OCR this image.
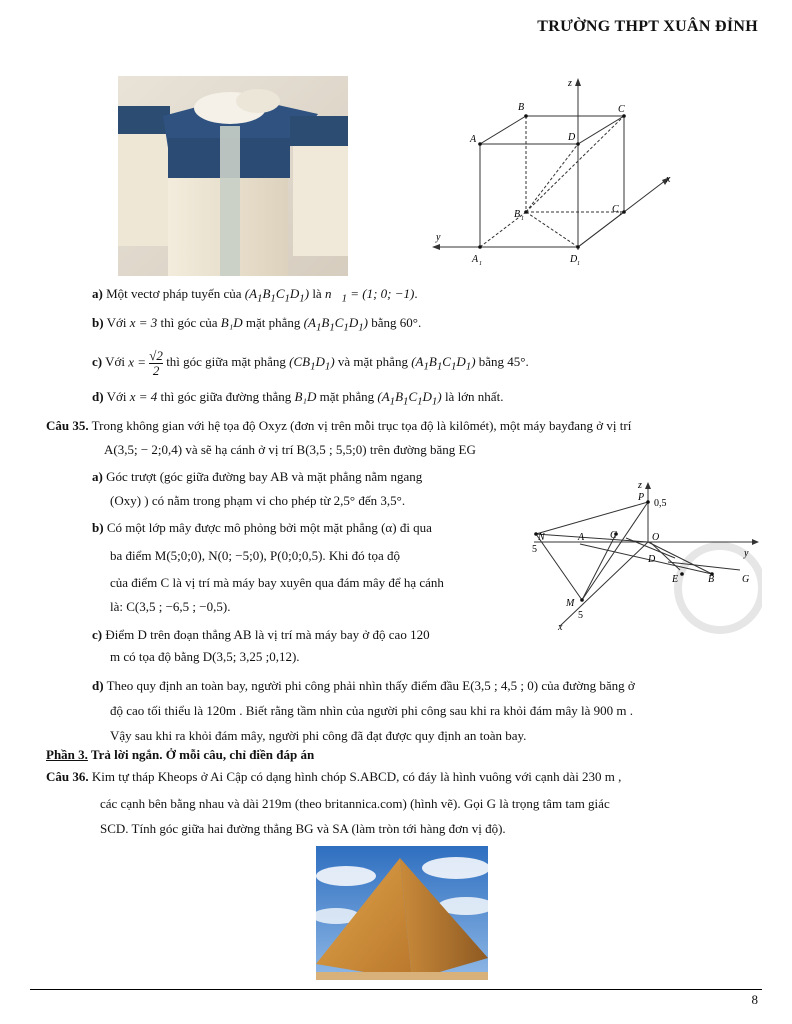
TRƯỜNG THPT XUÂN ĐỈNH
z
y
x
B	C
A	D
B 1
C 1
A 1	D 1
a) Một vectơ pháp tuyến của $(A_1B_1C_1D_1)$ là $n⃗_1 = (1$; 0; −1).
b) Với x = 3 thì góc của B₁D mặt phẳng $(A_1B_1C_1D_1)$ bằng 60°.
c) Với $x = \frac{√2}{2}$ thì góc giữa mặt phẳng $(CB_1D_1)$ và mặt phẳng $(A_1B_1C_1D_1)$ bằng 45°.
d) Với x = 4 thì góc giữa đường thẳng B₁D mặt phẳng $(A_1B_1C_1D_1)$ là lớn nhất.
Câu 35. Trong không gian với hệ tọa độ Oxyz (đơn vị trên mỗi trục tọa độ là kilômét), một máy bayđang ở vị trí
A(3,5; − 2;0,4) và sẽ hạ cánh ở vị trí B(3,5 ; 5,5;0) trên đường băng EG
a) Góc trượt (góc giữa đường bay AB và mặt phẳng nằm ngang
(Oxy) ) có nằm trong phạm vi cho phép từ 2,5° đến 3,5°.
b) Có một lớp mây được mô phỏng bởi một mặt phẳng (α) đi qua
ba điểm M(5;0;0), N(0; −5;0), P(0;0;0,5). Khi đó tọa độ
của điểm C là vị trí mà máy bay xuyên qua đám mây để hạ cánh
là: C(3,5 ; −6,5 ; −0,5).
c) Điểm D trên đoạn thẳng AB là vị trí mà máy bay ở độ cao 120
m có tọa độ bằng D(3,5; 3,25 ;0,12).
d) Theo quy định an toàn bay, người phi công phải nhìn thấy điểm đầu E(3,5 ; 4,5 ; 0) của đường băng ở
độ cao tối thiểu là 120m . Biết rằng tầm nhìn của người phi công sau khi ra khỏi đám mây là 900 m .
Vậy sau khi ra khỏi đám mây, người phi công đã đạt được quy định an toàn bay.
z
y
x
P
0,5
N
5
A	C	O
D
E	B	G
M
5
Phần 3. Trả lời ngắn. Ở mỗi câu, chỉ điền đáp án
Câu 36. Kim tự tháp Kheops ở Ai Cập có dạng hình chóp S.ABCD, có đáy là hình vuông với cạnh dài 230 m ,
các cạnh bên bằng nhau và dài 219m (theo britannica.com) (hình vẽ). Gọi G là trọng tâm tam giác
SCD. Tính góc giữa hai đường thẳng BG và SA (làm tròn tới hàng đơn vị độ).
8
